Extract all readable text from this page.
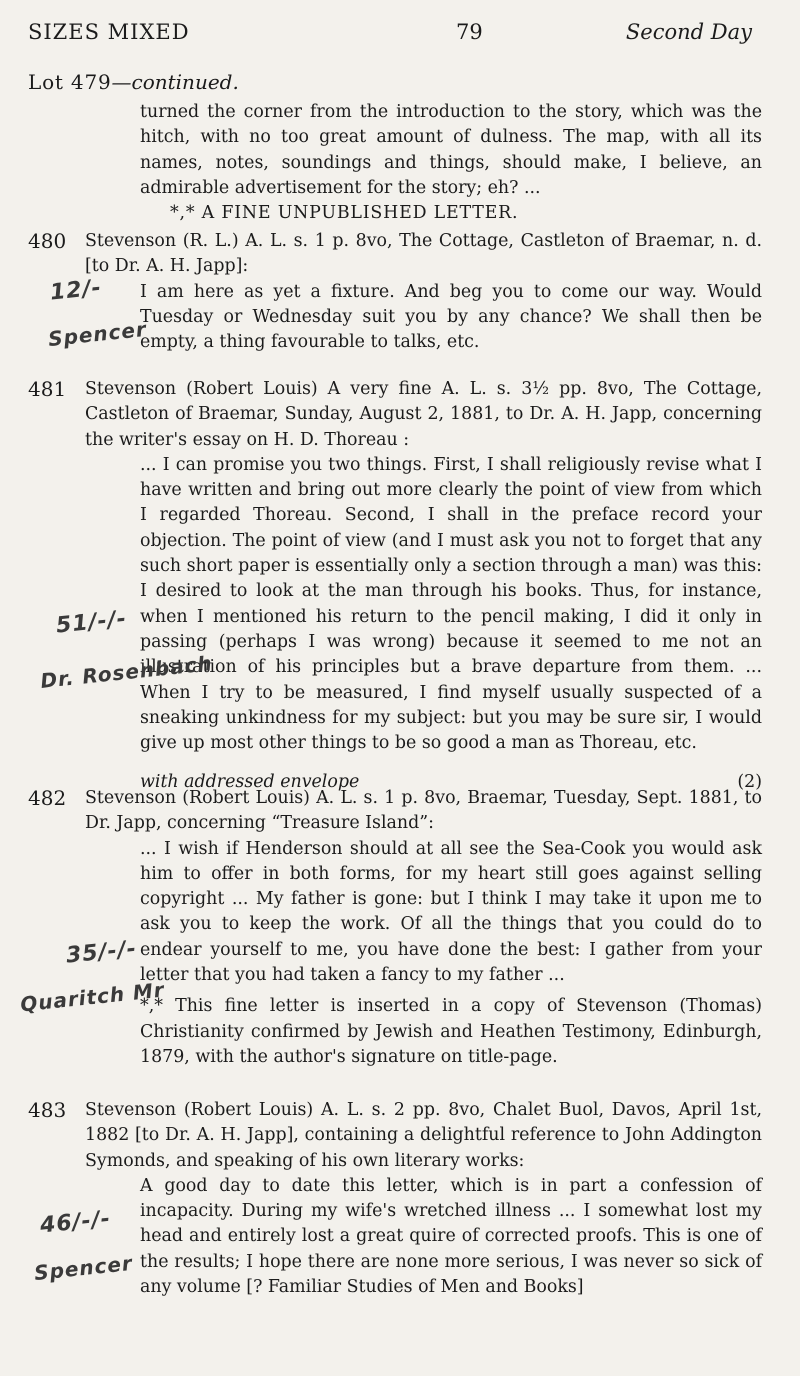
SIZES MIXED	79	Second Day
Lot 479—continued.

turned the corner from the introduction to the story, which was the hitch, with no too great amount of dulness. The map, with all its names, notes, soundings and things, should make, I believe, an admirable advertisement for the story; eh? ...

*,* A FINE UNPUBLISHED LETTER.

480	Stevenson (R. L.) A. L. s. 1 p. 8vo, The Cottage, Castleton of Braemar, n. d. [to Dr. A. H. Japp]:

I am here as yet a fixture. And beg you to come our way. Would Tuesday or Wednesday suit you by any chance? We shall then be empty, a thing favourable to talks, etc.

12/-
Spencer
481	Stevenson (Robert Louis) A very fine A. L. s. 3½ pp. 8vo, The Cottage, Castleton of Braemar, Sunday, August 2, 1881, to Dr. A. H. Japp, concerning the writer's essay on H. D. Thoreau :

... I can promise you two things. First, I shall religiously revise what I have written and bring out more clearly the point of view from which I regarded Thoreau. Second, I shall in the preface record your objection. The point of view (and I must ask you not to forget that any such short paper is essentially only a section through a man) was this: I desired to look at the man through his books. Thus, for instance, when I mentioned his return to the pencil making, I did it only in passing (perhaps I was wrong) because it seemed to me not an illustration of his principles but a brave departure from them. ... When I try to be measured, I find myself usually suspected of a sneaking unkindness for my subject: but you may be sure sir, I would give up most other things to be so good a man as Thoreau, etc.

with addressed envelope	(2)

51/-/-
Dr. Rosenbach
482	Stevenson (Robert Louis) A. L. s. 1 p. 8vo, Braemar, Tuesday, Sept. 1881, to Dr. Japp, concerning “Treasure Island”:

... I wish if Henderson should at all see the Sea-Cook you would ask him to offer in both forms, for my heart still goes against selling copyright ... My father is gone: but I think I may take it upon me to ask you to keep the work. Of all the things that you could do to endear yourself to me, you have done the best: I gather from your letter that you had taken a fancy to my father ...

*,* This fine letter is inserted in a copy of Stevenson (Thomas) Christianity confirmed by Jewish and Heathen Testimony, Edinburgh, 1879, with the author's signature on title-page.

35/-/-
Quaritch Mr
483	Stevenson (Robert Louis) A. L. s. 2 pp. 8vo, Chalet Buol, Davos, April 1st, 1882 [to Dr. A. H. Japp], containing a delightful reference to John Addington Symonds, and speaking of his own literary works:

A good day to date this letter, which is in part a confession of incapacity. During my wife's wretched illness ... I somewhat lost my head and entirely lost a great quire of corrected proofs. This is one of the results; I hope there are none more serious, I was never so sick of any volume [? Familiar Studies of Men and Books]

46/-/-
Spencer
